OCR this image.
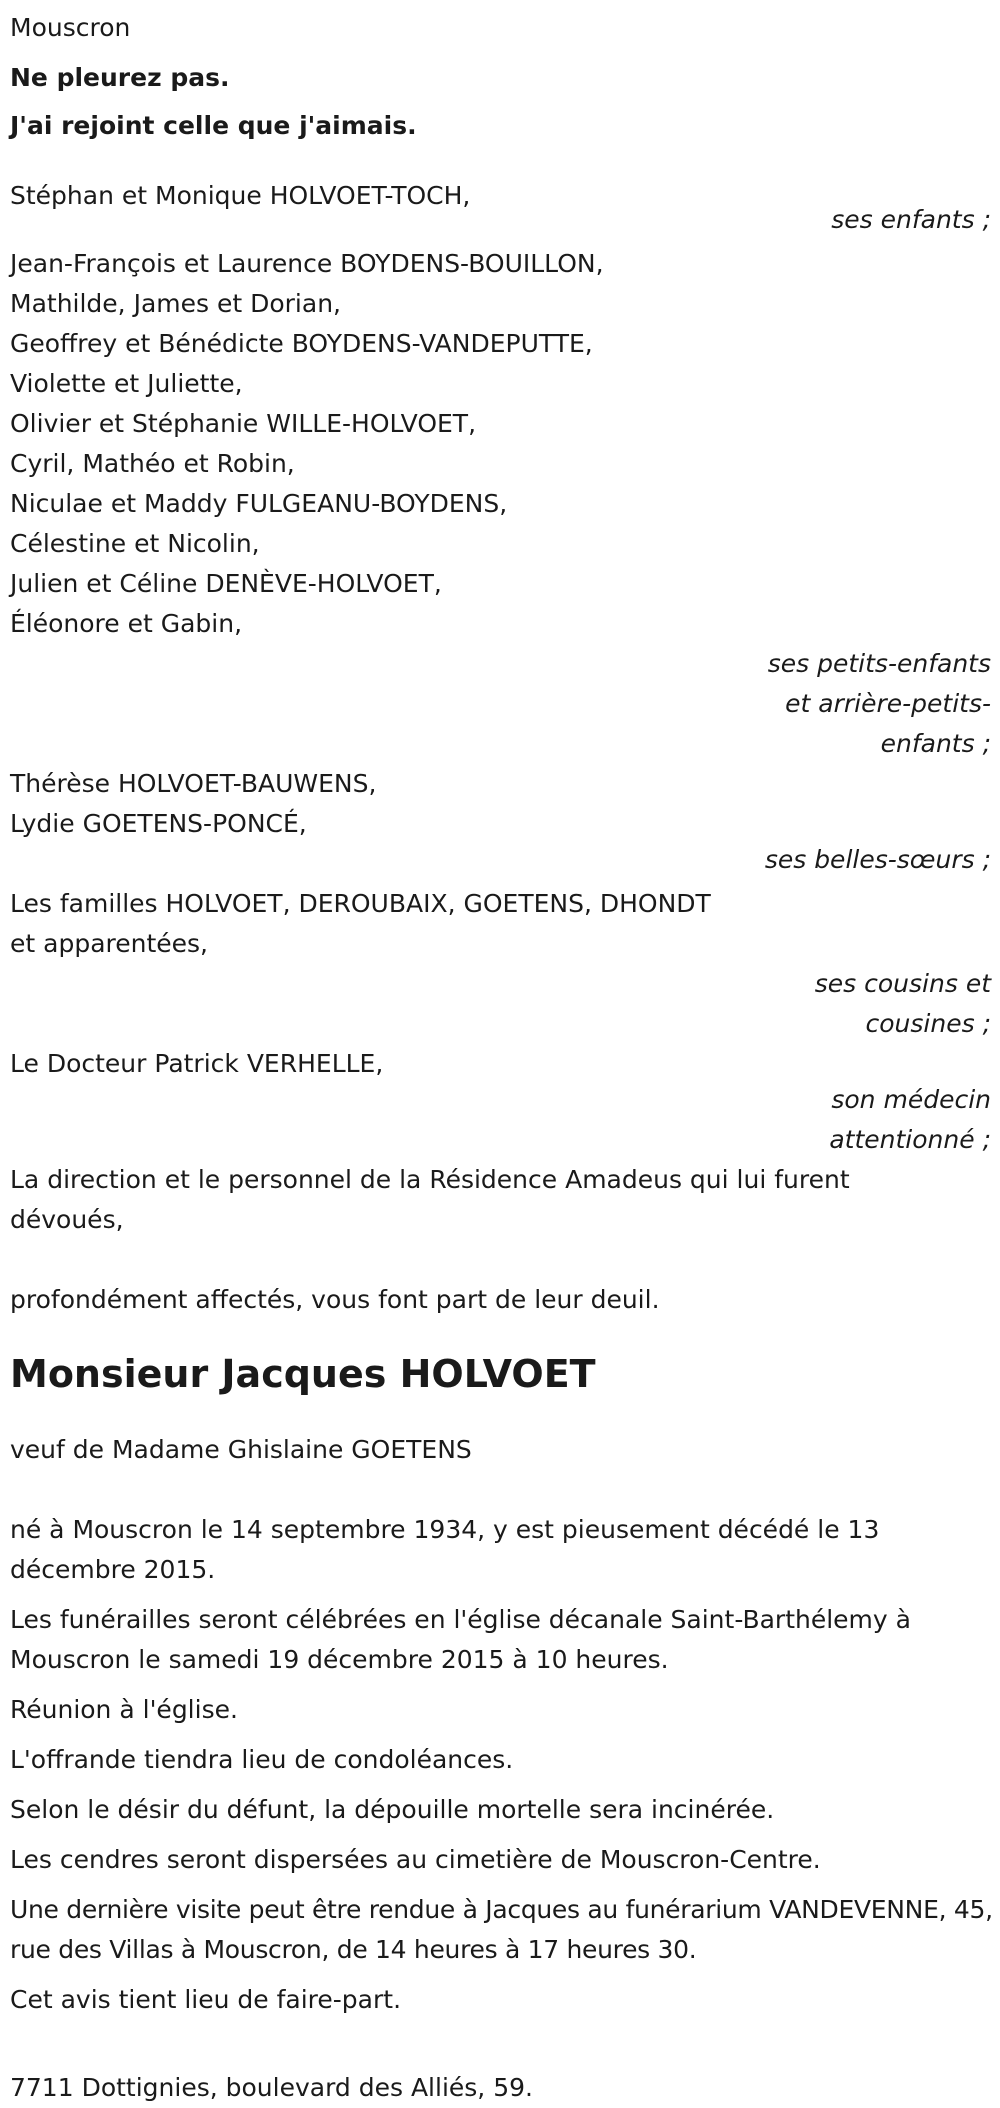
Mouscron
Ne pleurez pas.
J'ai rejoint celle que j'aimais.
Stéphan et Monique HOLVOET-TOCH,
ses enfants ;
Jean-François et Laurence BOYDENS-BOUILLON,
Mathilde, James et Dorian,
Geoffrey et Bénédicte BOYDENS-VANDEPUTTE,
Violette et Juliette,
Olivier et Stéphanie WILLE-HOLVOET,
Cyril, Mathéo et Robin,
Niculae et Maddy FULGEANU-BOYDENS,
Célestine et Nicolin,
Julien et Céline DENÈVE-HOLVOET,
Éléonore et Gabin,
ses petits-enfants
et arrière-petits-
enfants ;
Thérèse HOLVOET-BAUWENS,
Lydie GOETENS-PONCÉ,
ses belles-sœurs ;
Les familles HOLVOET, DEROUBAIX, GOETENS, DHONDT
et apparentées,
ses cousins et
cousines ;
Le Docteur Patrick VERHELLE,
son médecin
attentionné ;
La direction et le personnel de la Résidence Amadeus qui lui furent dévoués,
profondément affectés, vous font part de leur deuil.
Monsieur Jacques HOLVOET
veuf de Madame Ghislaine GOETENS
né à Mouscron le 14 septembre 1934, y est pieusement décédé le 13 décembre 2015.
Les funérailles seront célébrées en l'église décanale Saint-Barthélemy à Mouscron le samedi 19 décembre 2015 à 10 heures.
Réunion à l'église.
L'offrande tiendra lieu de condoléances.
Selon le désir du défunt, la dépouille mortelle sera incinérée.
Les cendres seront dispersées au cimetière de Mouscron-Centre.
Une dernière visite peut être rendue à Jacques au funérarium VANDEVENNE, 45, rue des Villas à Mouscron, de 14 heures à 17 heures 30.
Cet avis tient lieu de faire-part.
7711 Dottignies, boulevard des Alliés, 59.
